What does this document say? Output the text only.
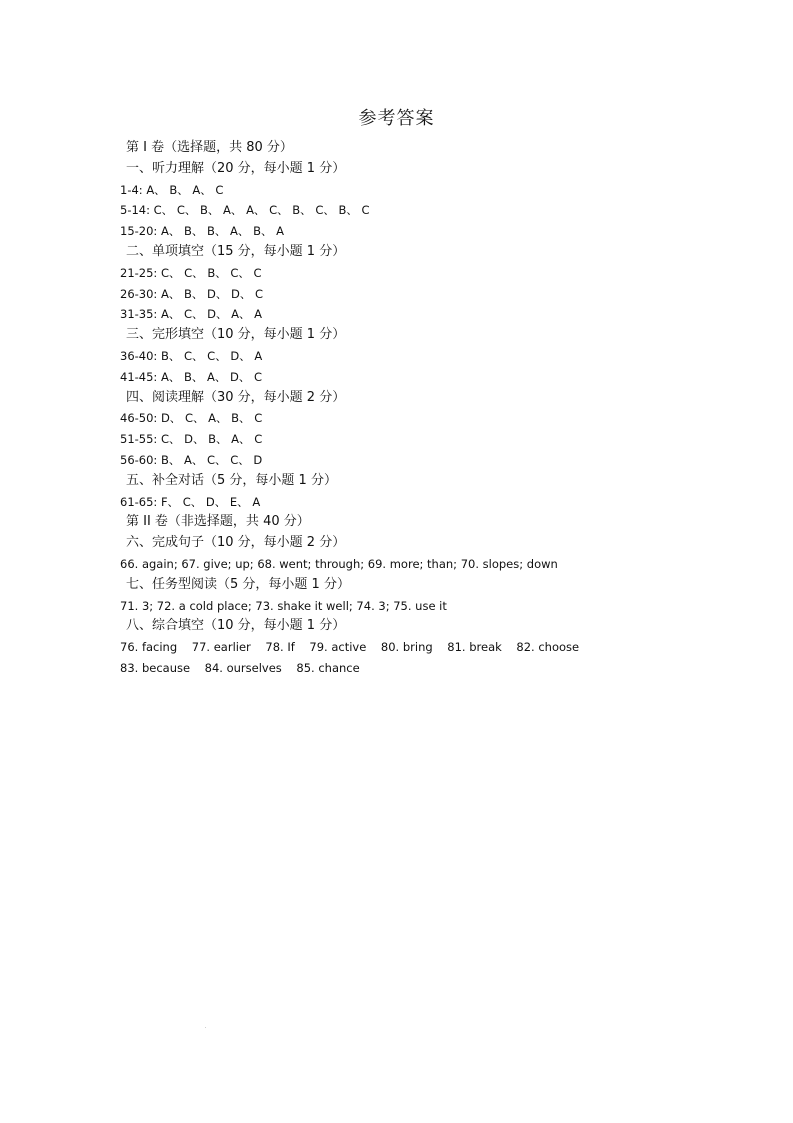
参考答案
第 I 卷（选择题，共 80 分）
一、听力理解（20 分，每小题 1 分）
1-4: A、 B、 A、 C
5-14: C、 C、 B、 A、 A、 C、 B、 C、 B、 C
15-20: A、 B、 B、 A、 B、 A
二、单项填空（15 分，每小题 1 分）
21-25: C、 C、 B、 C、 C
26-30: A、 B、 D、 D、 C
31-35: A、 C、 D、 A、 A
三、完形填空（10 分，每小题 1 分）
36-40: B、 C、 C、 D、 A
41-45: A、 B、 A、 D、 C
四、阅读理解（30 分，每小题 2 分）
46-50: D、 C、 A、 B、 C
51-55: C、 D、 B、 A、 C
56-60: B、 A、 C、 C、 D
五、补全对话（5 分，每小题 1 分）
61-65: F、 C、 D、 E、 A
第 II 卷（非选择题，共 40 分）
六、完成句子（10 分，每小题 2 分）
66. again; 67. give; up; 68. went; through; 69. more; than; 70. slopes; down
七、任务型阅读（5 分，每小题 1 分）
71. 3; 72. a cold place; 73. shake it well; 74. 3; 75. use it
八、综合填空（10 分，每小题 1 分）
76. facing    77. earlier    78. If    79. active    80. bring    81. break    82. choose
83. because    84. ourselves    85. chance
